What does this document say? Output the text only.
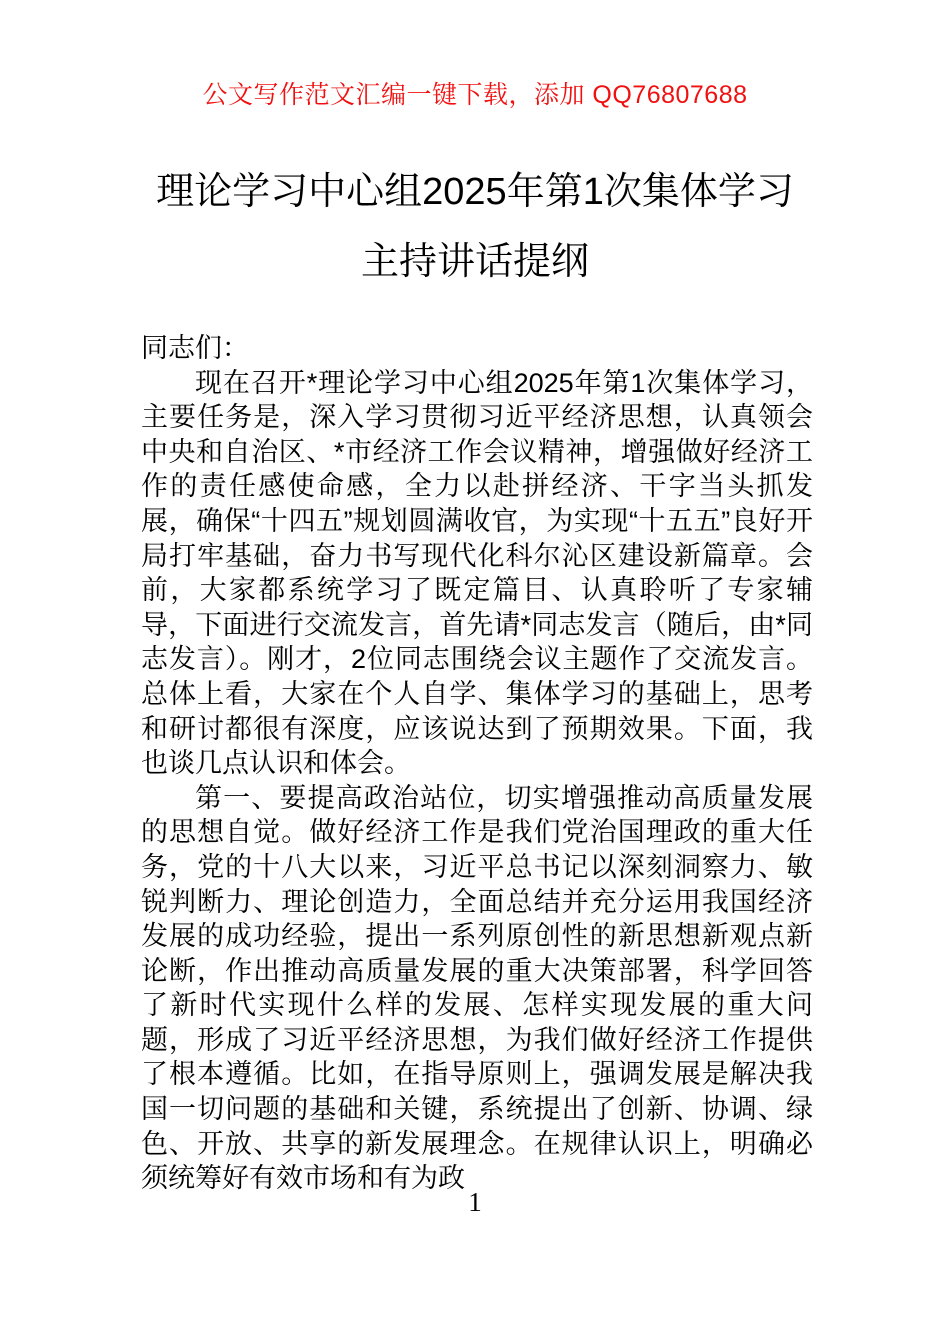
公文写作范文汇编一键下载，添加 QQ76807688
理论学习中心组2025年第1次集体学习主持讲话提纲

同志们：

现在召开*理论学习中心组2025年第1次集体学习，主要任务是，深入学习贯彻习近平经济思想，认真领会中央和自治区、*市经济工作会议精神，增强做好经济工作的责任感使命感，全力以赴拼经济、干字当头抓发展，确保“十四五”规划圆满收官，为实现“十五五”良好开局打牢基础，奋力书写现代化科尔沁区建设新篇章。会前，大家都系统学习了既定篇目、认真聆听了专家辅导，下面进行交流发言，首先请*同志发言（随后，由*同志发言）。刚才，2位同志围绕会议主题作了交流发言。总体上看，大家在个人自学、集体学习的基础上，思考和研讨都很有深度，应该说达到了预期效果。下面，我也谈几点认识和体会。

第一、要提高政治站位，切实增强推动高质量发展的思想自觉。做好经济工作是我们党治国理政的重大任务，党的十八大以来，习近平总书记以深刻洞察力、敏锐判断力、理论创造力，全面总结并充分运用我国经济发展的成功经验，提出一系列原创性的新思想新观点新论断，作出推动高质量发展的重大决策部署，科学回答了新时代实现什么样的发展、怎样实现发展的重大问题，形成了习近平经济思想，为我们做好经济工作提供了根本遵循。比如，在指导原则上，强调发展是解决我国一切问题的基础和关键，系统提出了创新、协调、绿色、开放、共享的新发展理念。在规律认识上，明确必须统筹好有效市场和有为政

1
